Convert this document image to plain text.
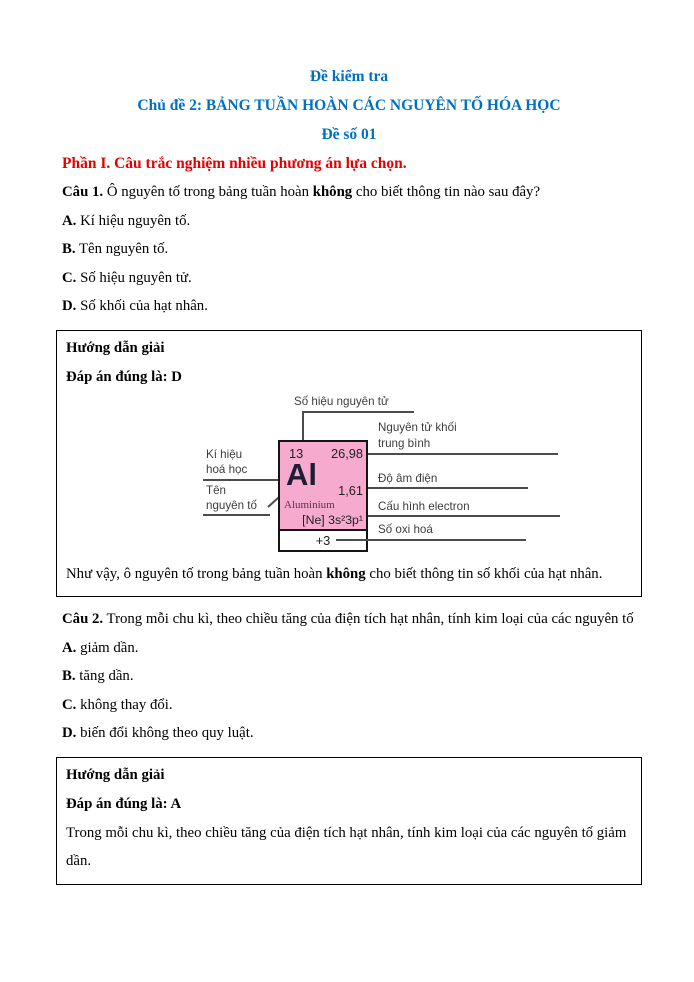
Đề kiểm tra
Chủ đề 2: BẢNG TUẦN HOÀN CÁC NGUYÊN TỐ HÓA HỌC
Đề số 01
Phần I. Câu trắc nghiệm nhiều phương án lựa chọn.
Câu 1. Ô nguyên tố trong bảng tuần hoàn không cho biết thông tin nào sau đây?
A. Kí hiệu nguyên tố.
B. Tên nguyên tố.
C. Số hiệu nguyên tử.
D. Số khối của hạt nhân.
Hướng dẫn giải
Đáp án đúng là: D
Số hiệu nguyên tử
Kí hiệu
hoá học
Tên
nguyên tố
13 26,98
Al 1,61
Aluminium
[Ne] 3s²3p¹
+3
Nguyên tử khối
trung bình
Độ âm điện
Cấu hình electron
Số oxi hoá
Như vậy, ô nguyên tố trong bảng tuần hoàn không cho biết thông tin số khối của hạt nhân.
Câu 2. Trong mỗi chu kì, theo chiều tăng của điện tích hạt nhân, tính kim loại của các nguyên tố
A. giảm dần.
B. tăng dần.
C. không thay đổi.
D. biến đổi không theo quy luật.
Hướng dẫn giải
Đáp án đúng là: A
Trong mỗi chu kì, theo chiều tăng của điện tích hạt nhân, tính kim loại của các nguyên tố giảm dần.
